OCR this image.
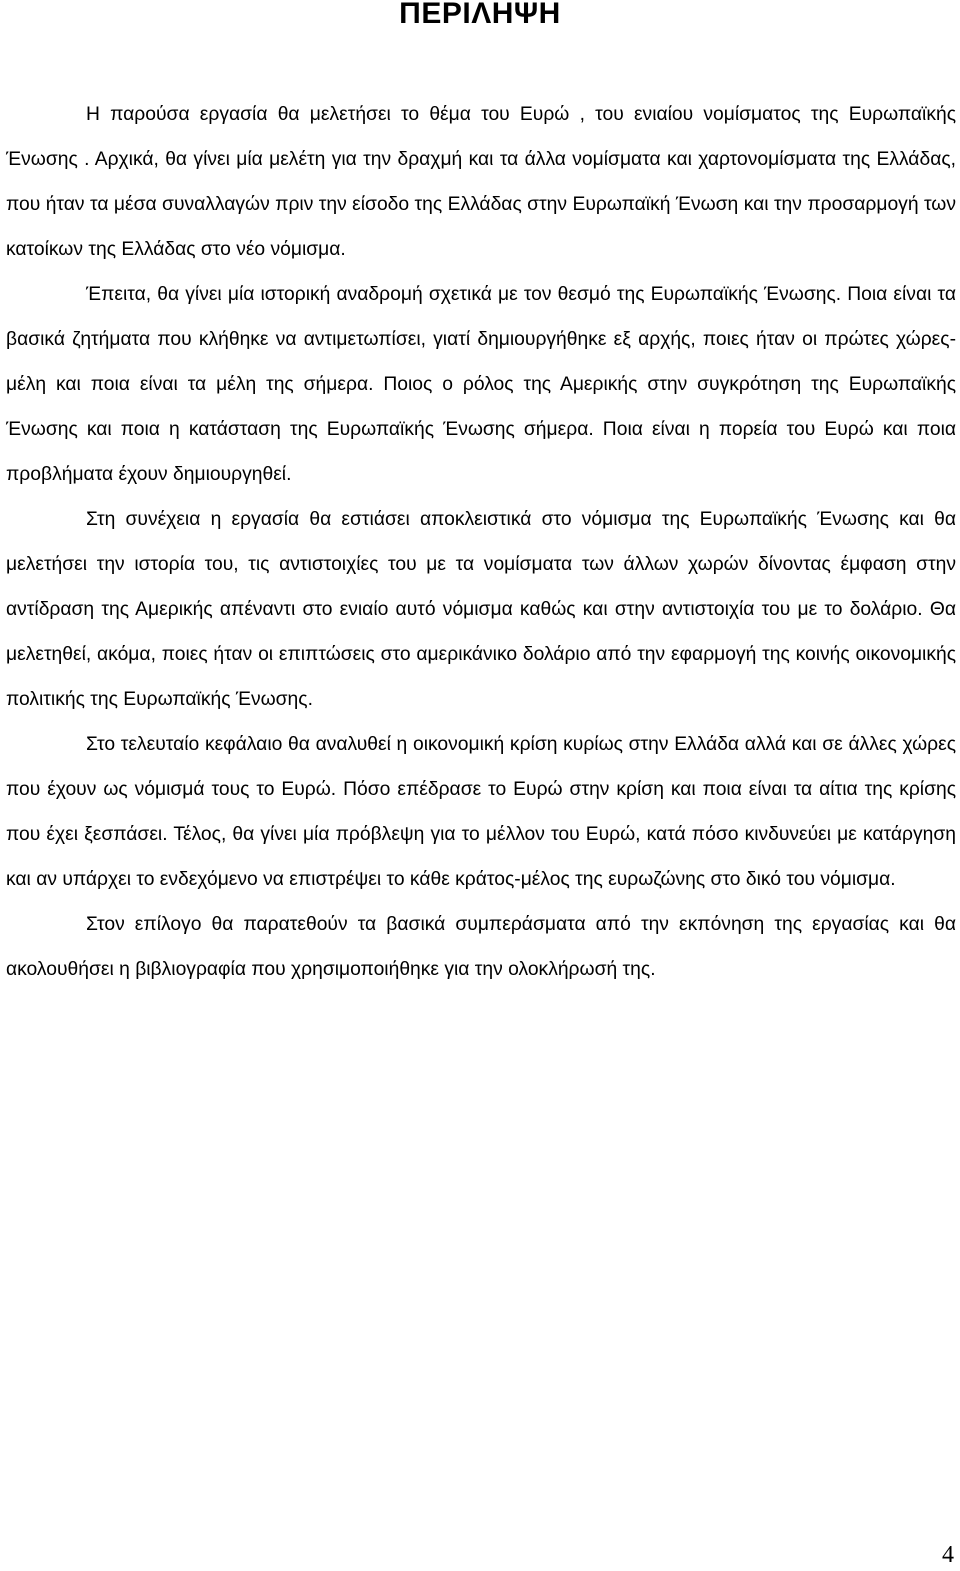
ΠΕΡΙΛΗΨΗ

Η παρούσα εργασία θα μελετήσει το θέμα του Ευρώ , του ενιαίου νομίσματος της Ευρωπαϊκής Ένωσης . Αρχικά, θα γίνει μία μελέτη για την δραχμή και τα άλλα νομίσματα και χαρτονομίσματα της Ελλάδας, που ήταν τα μέσα συναλλαγών πριν την είσοδο της Ελλάδας στην Ευρωπαϊκή Ένωση και την προσαρμογή των κατοίκων της Ελλάδας στο νέο νόμισμα.

Έπειτα, θα γίνει μία ιστορική αναδρομή σχετικά με τον θεσμό της Ευρωπαϊκής Ένωσης. Ποια είναι τα βασικά ζητήματα που κλήθηκε να αντιμετωπίσει, γιατί δημιουργήθηκε εξ αρχής, ποιες ήταν οι πρώτες χώρες-μέλη και ποια είναι τα μέλη της σήμερα. Ποιος ο ρόλος της Αμερικής στην συγκρότηση της Ευρωπαϊκής Ένωσης και ποια η κατάσταση της Ευρωπαϊκής Ένωσης σήμερα. Ποια είναι η πορεία του Ευρώ και ποια προβλήματα έχουν δημιουργηθεί.

Στη συνέχεια η εργασία θα εστιάσει αποκλειστικά στο νόμισμα της Ευρωπαϊκής Ένωσης και θα μελετήσει την ιστορία του, τις αντιστοιχίες του με τα νομίσματα των άλλων χωρών δίνοντας έμφαση στην αντίδραση της Αμερικής απέναντι στο ενιαίο αυτό νόμισμα καθώς και στην αντιστοιχία του με το δολάριο. Θα μελετηθεί, ακόμα, ποιες ήταν οι επιπτώσεις στο αμερικάνικο δολάριο από την εφαρμογή της κοινής οικονομικής πολιτικής της Ευρωπαϊκής Ένωσης.

Στο τελευταίο κεφάλαιο θα αναλυθεί η οικονομική κρίση κυρίως στην Ελλάδα αλλά και σε άλλες χώρες που έχουν ως νόμισμά τους το Ευρώ. Πόσο επέδρασε το Ευρώ στην κρίση και ποια είναι τα αίτια της κρίσης που έχει ξεσπάσει. Τέλος, θα γίνει μία πρόβλεψη για το μέλλον του Ευρώ, κατά πόσο κινδυνεύει με κατάργηση και αν υπάρχει το ενδεχόμενο να επιστρέψει το κάθε κράτος-μέλος της ευρωζώνης στο δικό του νόμισμα.

Στον επίλογο θα παρατεθούν τα βασικά συμπεράσματα από την εκπόνηση της εργασίας και θα ακολουθήσει η βιβλιογραφία που χρησιμοποιήθηκε για την ολοκλήρωσή της.

4
